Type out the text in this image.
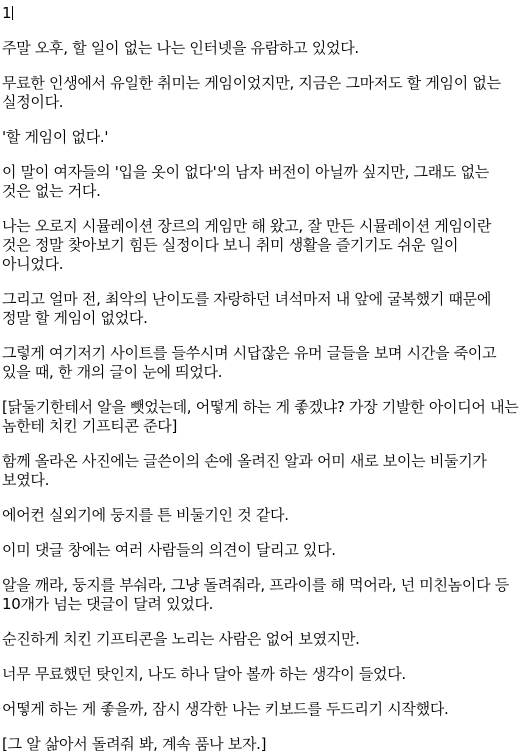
1

주말 오후, 할 일이 없는 나는 인터넷을 유람하고 있었다.

무료한 인생에서 유일한 취미는 게임이었지만, 지금은 그마저도 할 게임이 없는 실정이다.

'할 게임이 없다.'

이 말이 여자들의 '입을 옷이 없다'의 남자 버전이 아닐까 싶지만, 그래도 없는 것은 없는 거다.

나는 오로지 시뮬레이션 장르의 게임만 해 왔고, 잘 만든 시뮬레이션 게임이란 것은 정말 찾아보기 힘든 실정이다 보니 취미 생활을 즐기기도 쉬운 일이 아니었다.

그리고 얼마 전, 최악의 난이도를 자랑하던 녀석마저 내 앞에 굴복했기 때문에 정말 할 게임이 없었다.

그렇게 여기저기 사이트를 들쑤시며 시답잖은 유머 글들을 보며 시간을 죽이고 있을 때, 한 개의 글이 눈에 띄었다.

[닭둘기한테서 알을 뺏었는데, 어떻게 하는 게 좋겠냐? 가장 기발한 아이디어 내는 놈한테 치킨 기프티콘 준다]

함께 올라온 사진에는 글쓴이의 손에 올려진 알과 어미 새로 보이는 비둘기가 보였다.

에어컨 실외기에 둥지를 튼 비둘기인 것 같다.

이미 댓글 창에는 여러 사람들의 의견이 달리고 있다.

알을 깨라, 둥지를 부숴라, 그냥 돌려줘라, 프라이를 해 먹어라, 넌 미친놈이다 등 10개가 넘는 댓글이 달려 있었다.

순진하게 치킨 기프티콘을 노리는 사람은 없어 보였지만.

너무 무료했던 탓인지, 나도 하나 달아 볼까 하는 생각이 들었다.

어떻게 하는 게 좋을까, 잠시 생각한 나는 키보드를 두드리기 시작했다.

[그 알 삶아서 돌려줘 봐, 계속 품나 보자.]
